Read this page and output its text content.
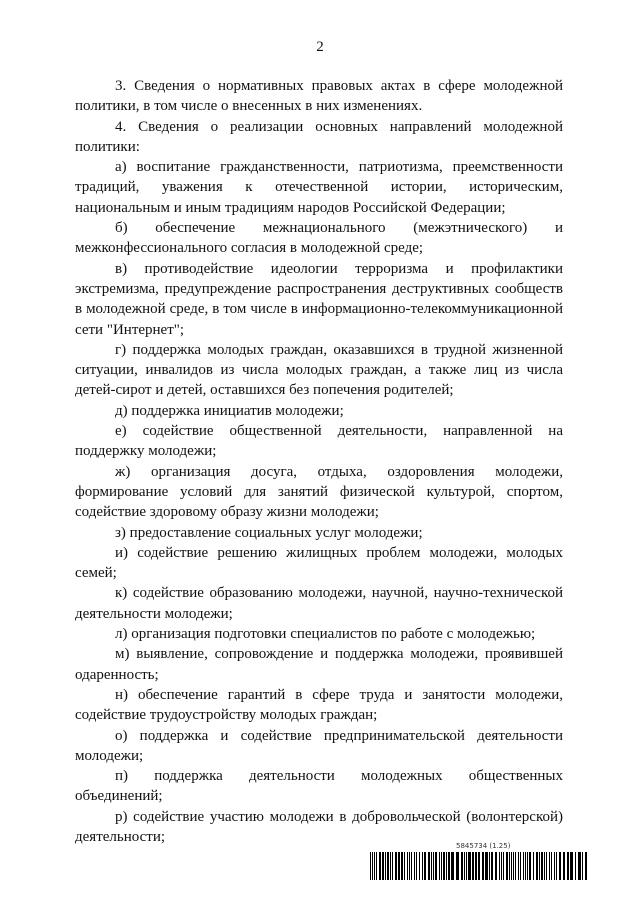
2

3. Сведения о нормативных правовых актах в сфере молодежной политики, в том числе о внесенных в них изменениях.

4. Сведения о реализации основных направлений молодежной политики:

а) воспитание гражданственности, патриотизма, преемственности традиций, уважения к отечественной истории, историческим, национальным и иным традициям народов Российской Федерации;

б) обеспечение межнационального (межэтнического) и межконфессионального согласия в молодежной среде;

в) противодействие идеологии терроризма и профилактики экстремизма, предупреждение распространения деструктивных сообществ в молодежной среде, в том числе в информационно-телекоммуникационной сети "Интернет";

г) поддержка молодых граждан, оказавшихся в трудной жизненной ситуации, инвалидов из числа молодых граждан, а также лиц из числа детей-сирот и детей, оставшихся без попечения родителей;

д) поддержка инициатив молодежи;

е) содействие общественной деятельности, направленной на поддержку молодежи;

ж) организация досуга, отдыха, оздоровления молодежи, формирование условий для занятий физической культурой, спортом, содействие здоровому образу жизни молодежи;

з) предоставление социальных услуг молодежи;

и) содействие решению жилищных проблем молодежи, молодых семей;

к) содействие образованию молодежи, научной, научно-технической деятельности молодежи;

л) организация подготовки специалистов по работе с молодежью;

м) выявление, сопровождение и поддержка молодежи, проявившей одаренность;

н) обеспечение гарантий в сфере труда и занятости молодежи, содействие трудоустройству молодых граждан;

о) поддержка и содействие предпринимательской деятельности молодежи;

п) поддержка деятельности молодежных общественных объединений;

р) содействие участию молодежи в добровольческой (волонтерской) деятельности;

5845734 (1.25)
